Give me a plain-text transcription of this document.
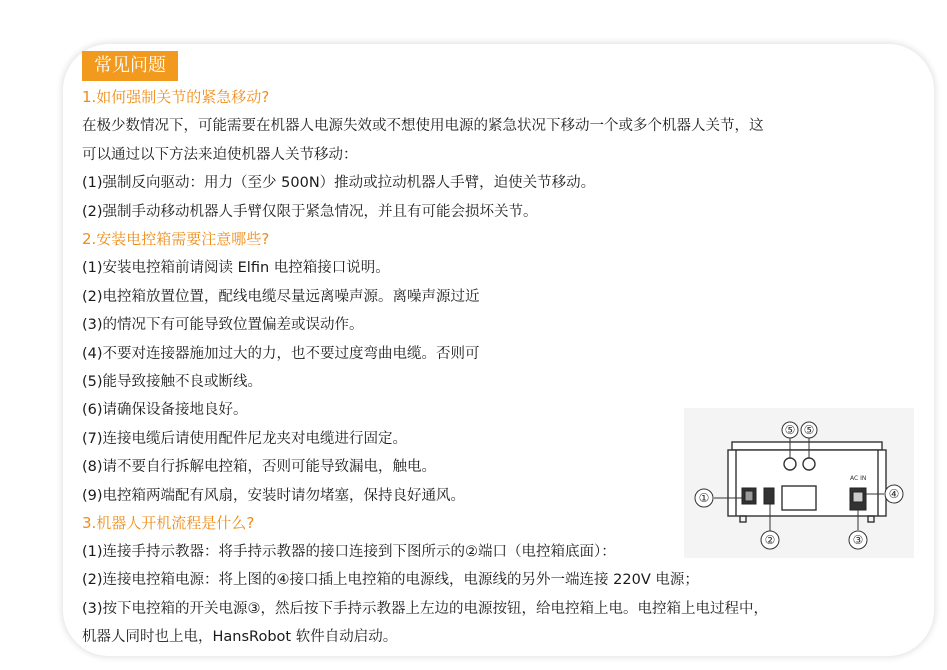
常见问题
1.如何强制关节的紧急移动?
在极少数情况下，可能需要在机器人电源失效或不想使用电源的紧急状况下移动一个或多个机器人关节，这
可以通过以下方法来迫使机器人关节移动：
(1)强制反向驱动：用力（至少 500N）推动或拉动机器人手臂，迫使关节移动。
(2)强制手动移动机器人手臂仅限于紧急情况，并且有可能会损坏关节。
2.安装电控箱需要注意哪些?
(1)安装电控箱前请阅读 Elfin 电控箱接口说明。
(2)电控箱放置位置，配线电缆尽量远离噪声源。离噪声源过近
(3)的情况下有可能导致位置偏差或误动作。
(4)不要对连接器施加过大的力，也不要过度弯曲电缆。否则可
(5)能导致接触不良或断线。
(6)请确保设备接地良好。
(7)连接电缆后请使用配件尼龙夹对电缆进行固定。
(8)请不要自行拆解电控箱，否则可能导致漏电，触电。
(9)电控箱两端配有风扇，安装时请勿堵塞，保持良好通风。
3.机器人开机流程是什么?
(1)连接手持示教器：将手持示教器的接口连接到下图所示的②端口（电控箱底面）：
(2)连接电控箱电源：将上图的④接口插上电控箱的电源线，电源线的另外一端连接 220V 电源；
(3)按下电控箱的开关电源③，然后按下手持示教器上左边的电源按钮，给电控箱上电。电控箱上电过程中，
机器人同时也上电，HansRobot 软件自动启动。
AC IN
⑤ ⑤
①
②	③
④
